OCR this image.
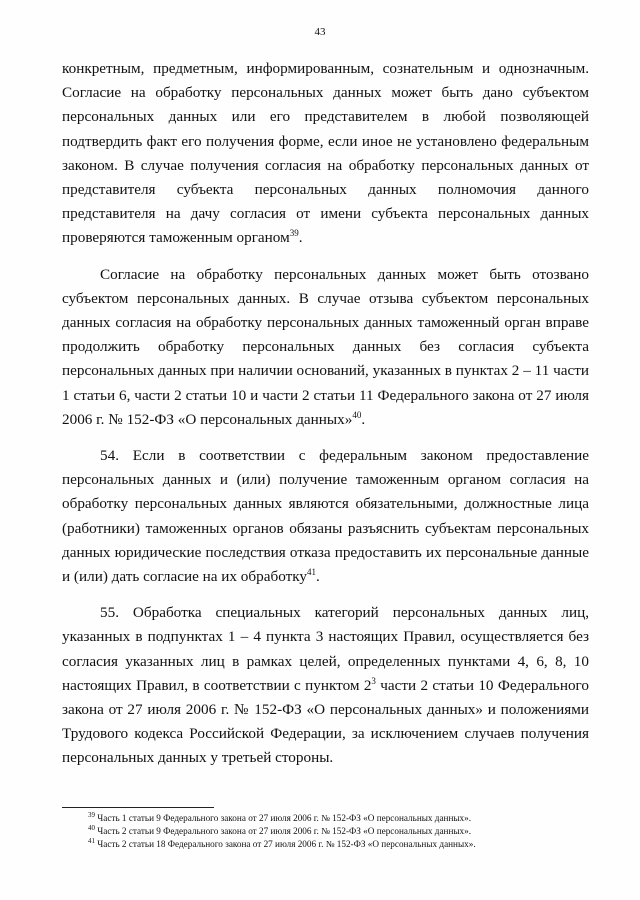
43

конкретным, предметным, информированным, сознательным и однозначным. Согласие на обработку персональных данных может быть дано субъектом персональных данных или его представителем в любой позволяющей подтвердить факт его получения форме, если иное не установлено федеральным законом. В случае получения согласия на обработку персональных данных от представителя субъекта персональных данных полномочия данного представителя на дачу согласия от имени субъекта персональных данных проверяются таможенным органом$^{39}$.

Согласие на обработку персональных данных может быть отозвано субъектом персональных данных. В случае отзыва субъектом персональных данных согласия на обработку персональных данных таможенный орган вправе продолжить обработку персональных данных без согласия субъекта персональных данных при наличии оснований, указанных в пунктах 2 – 11 части 1 статьи 6, части 2 статьи 10 и части 2 статьи 11 Федерального закона от 27 июля 2006 г. № 152-ФЗ «О персональных данных»$^{40}$.

54. Если в соответствии с федеральным законом предоставление персональных данных и (или) получение таможенным органом согласия на обработку персональных данных являются обязательными, должностные лица (работники) таможенных органов обязаны разъяснить субъектам персональных данных юридические последствия отказа предоставить их персональные данные и (или) дать согласие на их обработку$^{41}$.

55. Обработка специальных категорий персональных данных лиц, указанных в подпунктах 1 – 4 пункта 3 настоящих Правил, осуществляется без согласия указанных лиц в рамках целей, определенных пунктами 4, 6, 8, 10 настоящих Правил, в соответствии с пунктом $2^3$ части 2 статьи 10 Федерального закона от 27 июля 2006 г. № 152-ФЗ «О персональных данных» и положениями Трудового кодекса Российской Федерации, за исключением случаев получения персональных данных у третьей стороны.

$^{39}$ Часть 1 статьи 9 Федерального закона от 27 июля 2006 г. № 152-ФЗ «О персональных данных».
$^{40}$ Часть 2 статьи 9 Федерального закона от 27 июля 2006 г. № 152-ФЗ «О персональных данных».
$^{41}$ Часть 2 статьи 18 Федерального закона от 27 июля 2006 г. № 152-ФЗ «О персональных данных».
